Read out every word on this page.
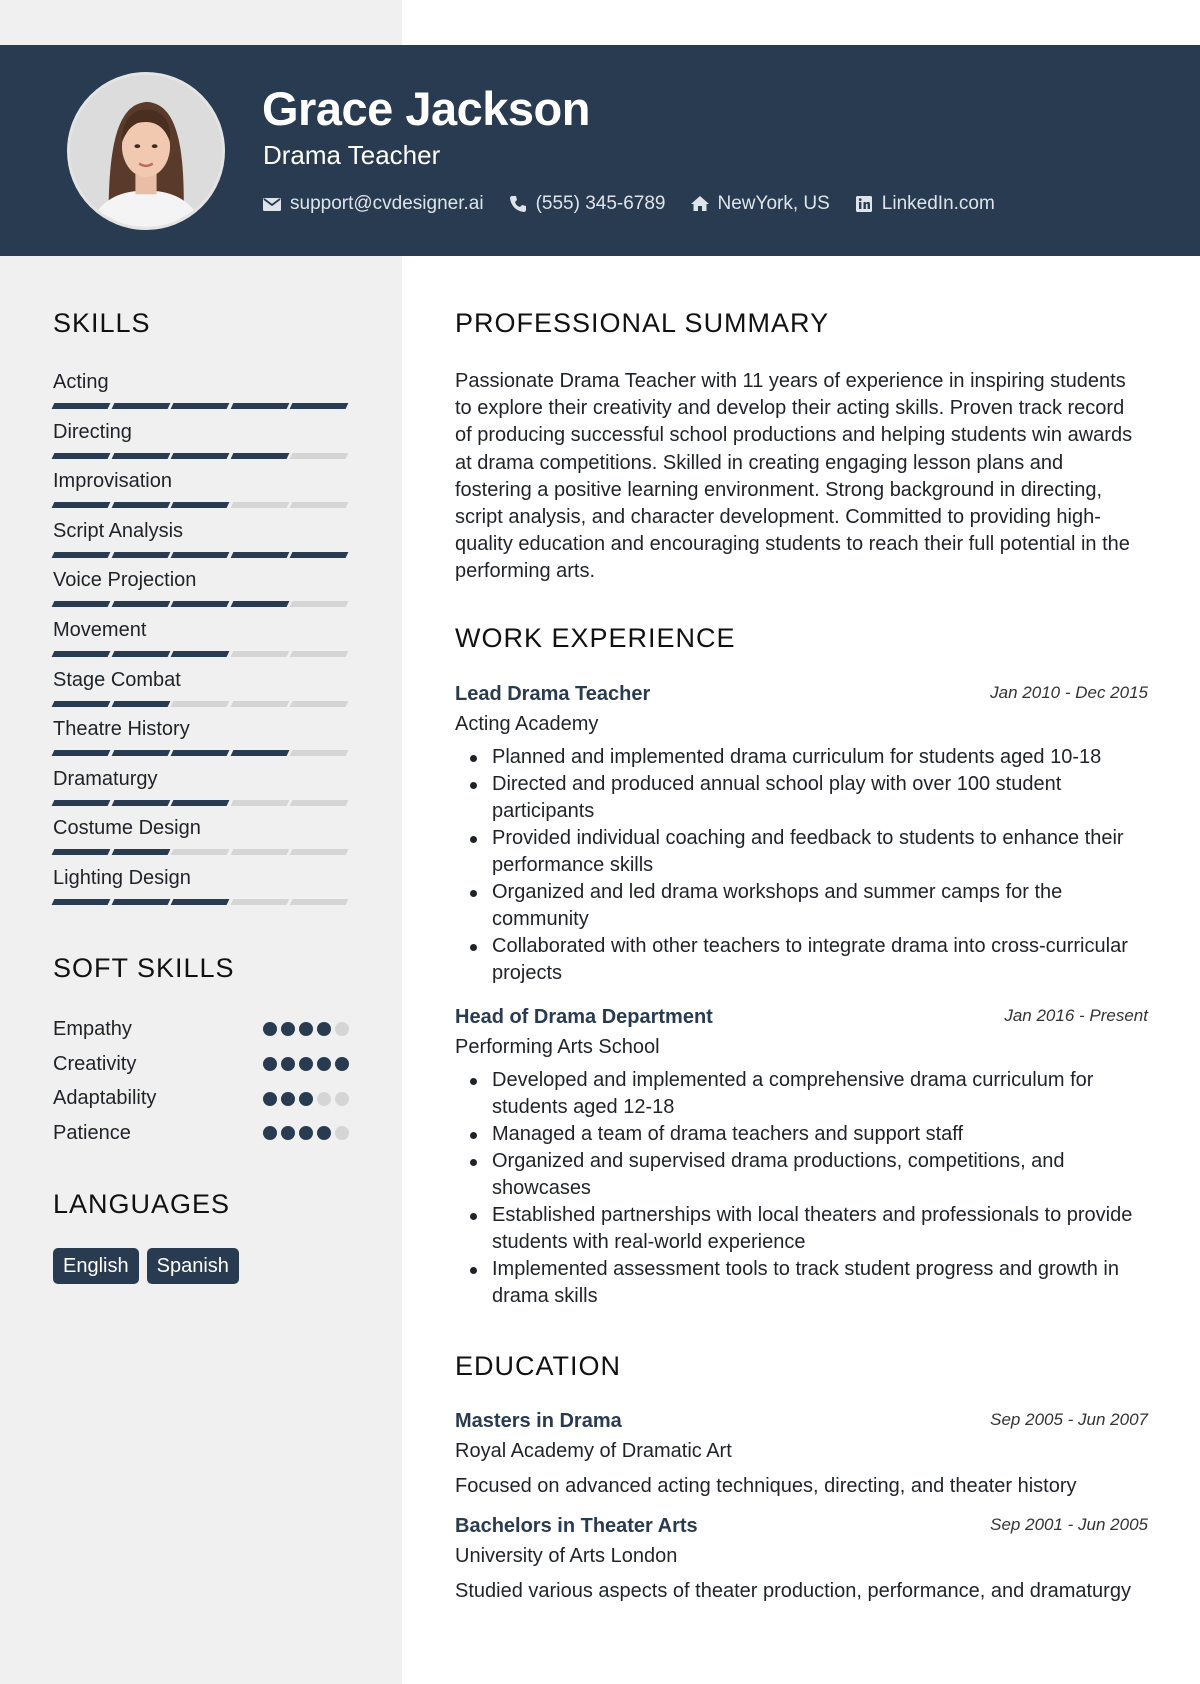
Grace Jackson
Drama Teacher
support@cvdesigner.ai	(555) 345-6789	NewYork, US	LinkedIn.com
SKILLS
Acting
Directing
Improvisation
Script Analysis
Voice Projection
Movement
Stage Combat
Theatre History
Dramaturgy
Costume Design
Lighting Design
SOFT SKILLS
Empathy
Creativity
Adaptability
Patience
LANGUAGES
English	Spanish
PROFESSIONAL SUMMARY
Passionate Drama Teacher with 11 years of experience in inspiring students to explore their creativity and develop their acting skills. Proven track record of producing successful school productions and helping students win awards at drama competitions. Skilled in creating engaging lesson plans and fostering a positive learning environment. Strong background in directing, script analysis, and character development. Committed to providing high-quality education and encouraging students to reach their full potential in the performing arts.
WORK EXPERIENCE
Lead Drama Teacher	Jan 2010 - Dec 2015
Acting Academy
Planned and implemented drama curriculum for students aged 10-18
Directed and produced annual school play with over 100 student participants
Provided individual coaching and feedback to students to enhance their performance skills
Organized and led drama workshops and summer camps for the community
Collaborated with other teachers to integrate drama into cross-curricular projects
Head of Drama Department	Jan 2016 - Present
Performing Arts School
Developed and implemented a comprehensive drama curriculum for students aged 12-18
Managed a team of drama teachers and support staff
Organized and supervised drama productions, competitions, and showcases
Established partnerships with local theaters and professionals to provide students with real-world experience
Implemented assessment tools to track student progress and growth in drama skills
EDUCATION
Masters in Drama	Sep 2005 - Jun 2007
Royal Academy of Dramatic Art
Focused on advanced acting techniques, directing, and theater history
Bachelors in Theater Arts	Sep 2001 - Jun 2005
University of Arts London
Studied various aspects of theater production, performance, and dramaturgy
